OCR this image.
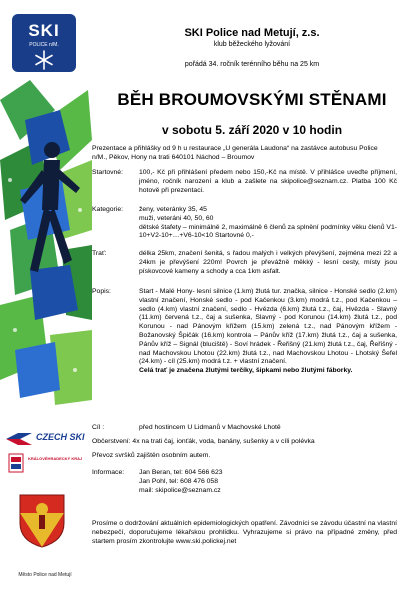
SKI
POLICE n/M.
CZECH SKI
KRÁLOVÉHRADECKÝ KRAJ
Město Police nad Metují
SKI Police nad Metují, z.s.
klub běžeckého lyžování
pořádá 34. ročník terénního běhu na 25 km
BĚH BROUMOVSKÝMI STĚNAMI
v sobotu 5. září 2020 v 10 hodin
Prezentace a přihlášky od 9 h u restaurace „U generála Laudona“ na zastávce autobusu Police n/M., Pěkov, Hony na trati 640101 Náchod – Broumov
Startovné:	100,- Kč při přihlášení předem nebo 150,-Kč na místě. V přihlášce uveďte příjmení, jméno, ročník narození a klub a zašlete na skipolice@seznam.cz. Platba 100 Kč hotově při prezentaci.
Kategorie:	ženy, veteránky 35, 45
muži, veteráni 40, 50, 60
dětské štafety – minimálně 2, maximálně 6 členů za splnění podmínky věku členů V1-10+V2-10+…+V6-10<10 Startovné 0,-
Trať:	délka 25km, značení šenitá, s řadou malých i velkých převýšení, zejména mezi 22 a 24km je převýšení 220m! Povrch je převážně měkký - lesní cesty, místy jsou pískovcové kameny a schody a cca 1km asfalt.
Popis:	Start - Malé Hony- lesní silnice (1.km) žlutá tur. značka, silnice - Honské sedlo (2.km) vlastní značení, Honské sedlo - pod Kačenkou (3.km) modrá t.z., pod Kačenkou – sedlo (4.km) vlastní značení, sedlo - Hvězda (6.km) žlutá t.z., čaj, Hvězda - Slavný (11.km) červená t.z., čaj a sušenka, Slavný - pod Korunou (14.km) žlutá t.z., pod Korunou - nad Pánovým křížem (15.km) zelená t.z., nad Pánovým křížem - Božanovský Špičák (16.km) kontrola – Pánův kříž (17.km) žlutá t.z., čaj a sušenka, Pánův kříž – Signál (bluciště) - Soví hrádek - Řeřišný (21.km) žlutá t.z., čaj, Řeřišný - nad Machovskou Lhotou (22.km) žlutá t.z., nad Machovskou Lhotou - Lhotský Šefel (24.km) - cíl (25.km) modrá t.z. + vlastní značení.
Celá trať je značena žlutými terčíky, šipkami nebo žlutými fáborky.
Cíl :	před hostincem U Lidmanů v Machovské Lhotě
Občerstvení: 4x na trati čaj, ionťák, voda, banány, sušenky a v cíli polévka
Převoz svršků zajištěn osobním autem.
Informace: Jan Beran, tel: 604 566 623
Jan Pohl, tel: 608 476 058
mail: skipolice@seznam.cz
Prosíme o dodržování aktuálních epidemiologických opatření. Závodníci se závodu účastní na vlastní nebezpečí, doporučujeme lékařskou prohlídku. Vyhrazujeme si právo na případné změny, před startem prosím zkontrolujte www.ski.polickej.net
